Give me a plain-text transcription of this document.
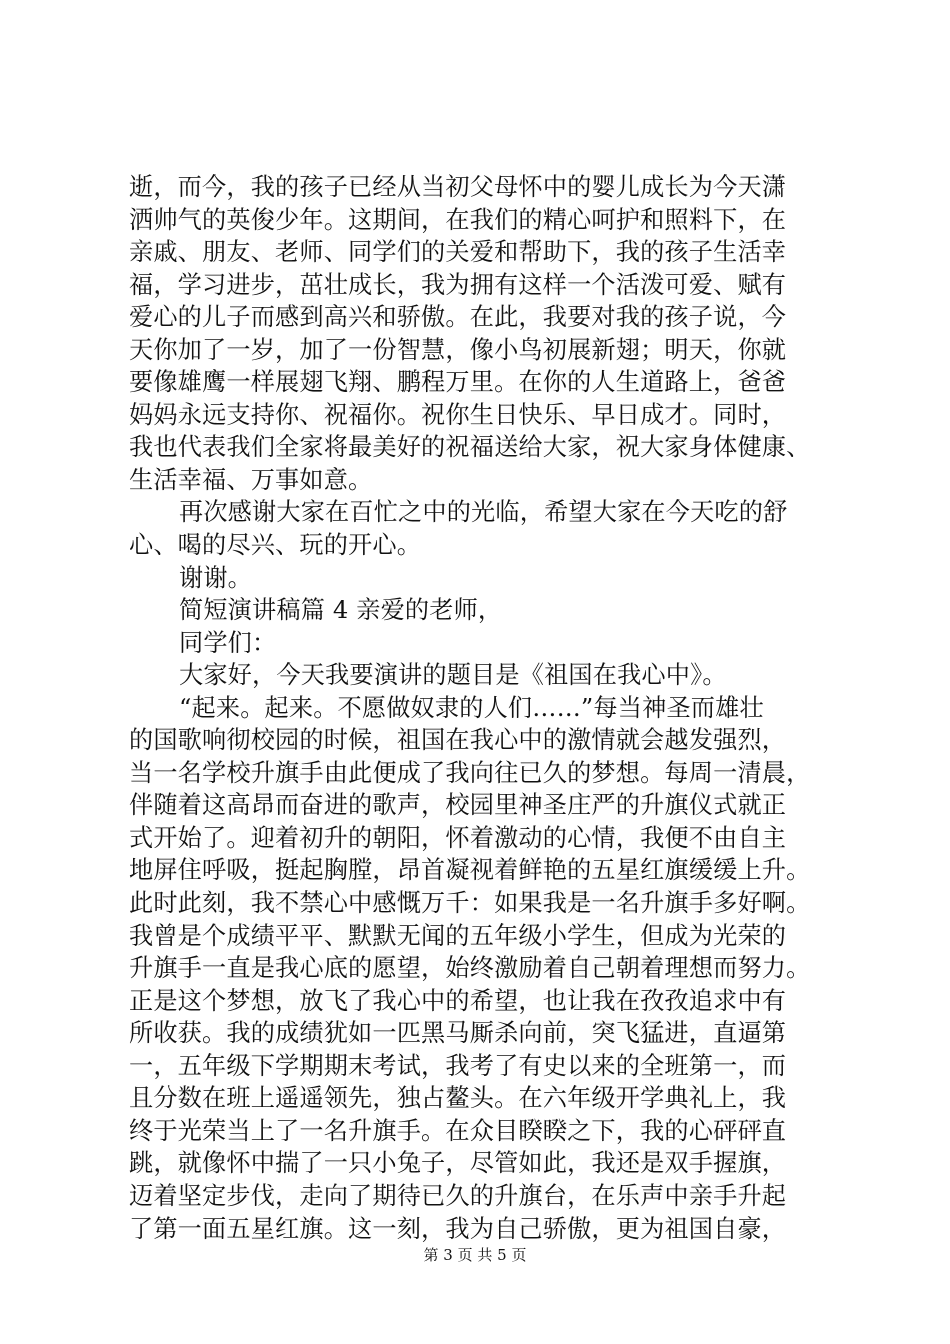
逝，而今，我的孩子已经从当初父母怀中的婴儿成长为今天潇
洒帅气的英俊少年。这期间，在我们的精心呵护和照料下，在
亲戚、朋友、老师、同学们的关爱和帮助下，我的孩子生活幸
福，学习进步，茁壮成长，我为拥有这样一个活泼可爱、赋有
爱心的儿子而感到高兴和骄傲。在此，我要对我的孩子说，今
天你加了一岁，加了一份智慧，像小鸟初展新翅；明天，你就
要像雄鹰一样展翅飞翔、鹏程万里。在你的人生道路上，爸爸
妈妈永远支持你、祝福你。祝你生日快乐、早日成才。同时，
我也代表我们全家将最美好的祝福送给大家，祝大家身体健康、
生活幸福、万事如意。
再次感谢大家在百忙之中的光临，希望大家在今天吃的舒
心、喝的尽兴、玩的开心。
谢谢。
简短演讲稿篇 4 亲爱的老师，
同学们：
大家好，今天我要演讲的题目是《祖国在我心中》。
“起来。起来。不愿做奴隶的人们……”每当神圣而雄壮
的国歌响彻校园的时候，祖国在我心中的激情就会越发强烈，
当一名学校升旗手由此便成了我向往已久的梦想。每周一清晨，
伴随着这高昂而奋进的歌声，校园里神圣庄严的升旗仪式就正
式开始了。迎着初升的朝阳，怀着激动的心情，我便不由自主
地屏住呼吸，挺起胸膛，昂首凝视着鲜艳的五星红旗缓缓上升。
此时此刻，我不禁心中感慨万千：如果我是一名升旗手多好啊。
我曾是个成绩平平、默默无闻的五年级小学生，但成为光荣的
升旗手一直是我心底的愿望，始终激励着自己朝着理想而努力。
正是这个梦想，放飞了我心中的希望，也让我在孜孜追求中有
所收获。我的成绩犹如一匹黑马厮杀向前，突飞猛进，直逼第
一，五年级下学期期末考试，我考了有史以来的全班第一，而
且分数在班上遥遥领先，独占鳌头。在六年级开学典礼上，我
终于光荣当上了一名升旗手。在众目睽睽之下，我的心砰砰直
跳，就像怀中揣了一只小兔子，尽管如此，我还是双手握旗，
迈着坚定步伐，走向了期待已久的升旗台，在乐声中亲手升起
了第一面五星红旗。这一刻，我为自己骄傲，更为祖国自豪，
第 3 页 共 5 页
